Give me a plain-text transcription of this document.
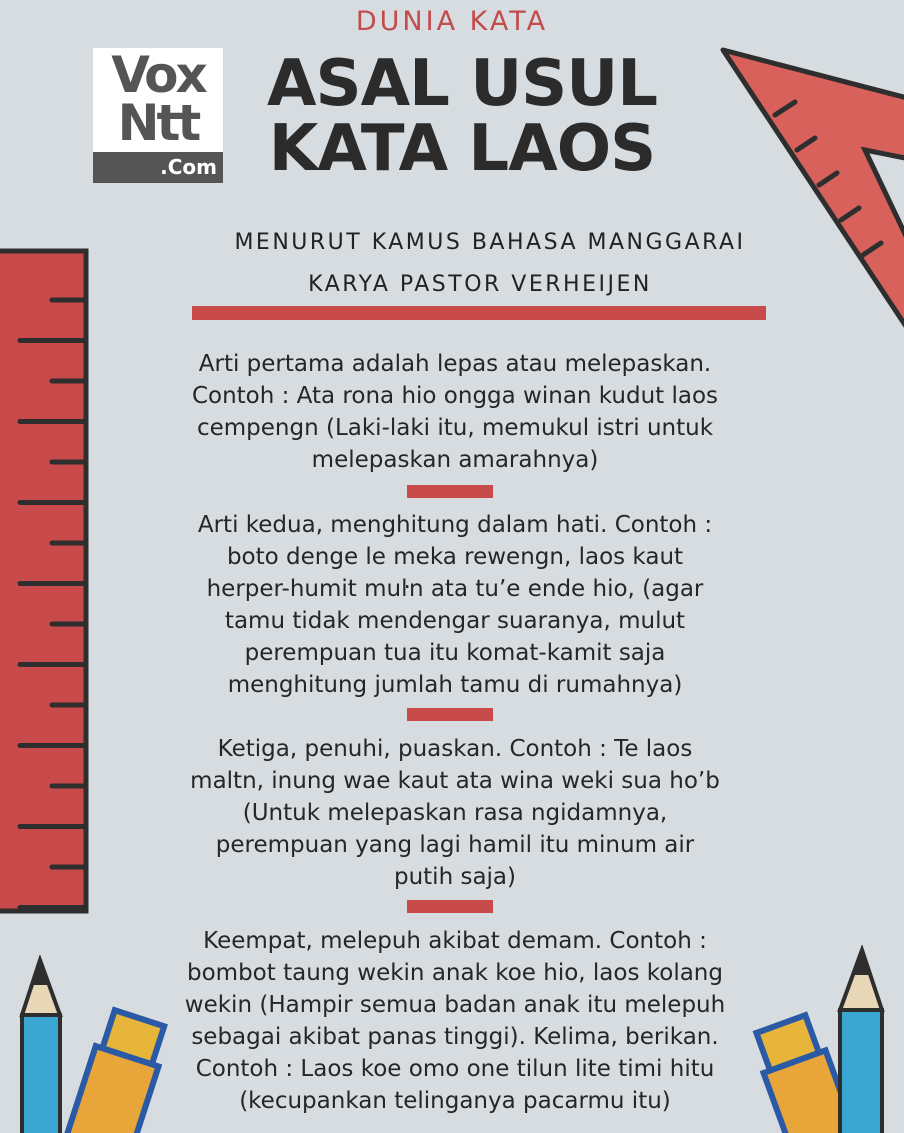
DUNIA KATA
Vox
Ntt
.Com
ASAL USUL
KATA LAOS
MENURUT KAMUS BAHASA MANGGARAI
KARYA PASTOR VERHEIJEN
Arti pertama adalah lepas atau melepaskan.
Contoh : Ata rona hio ongga winan kudut laos
cempengn (Laki-laki itu, memukul istri untuk
melepaskan amarahnya)
Arti kedua, menghitung dalam hati. Contoh :
boto denge le meka rewengn, laos kaut
herper-humit muŀn ata tuʼe ende hio, (agar
tamu tidak mendengar suaranya, mulut
perempuan tua itu komat-kamit saja
menghitung jumlah tamu di rumahnya)
Ketiga, penuhi, puaskan. Contoh : Te laos
maltn, inung wae kaut ata wina weki sua hoʼb
(Untuk melepaskan rasa ngidamnya,
perempuan yang lagi hamil itu minum air
putih saja)
Keempat, melepuh akibat demam. Contoh :
bombot taung wekin anak koe hio, laos kolang
wekin (Hampir semua badan anak itu melepuh
sebagai akibat panas tinggi). Kelima, berikan.
Contoh : Laos koe omo one tilun lite timi hitu
(kecupankan telinganya pacarmu itu)
